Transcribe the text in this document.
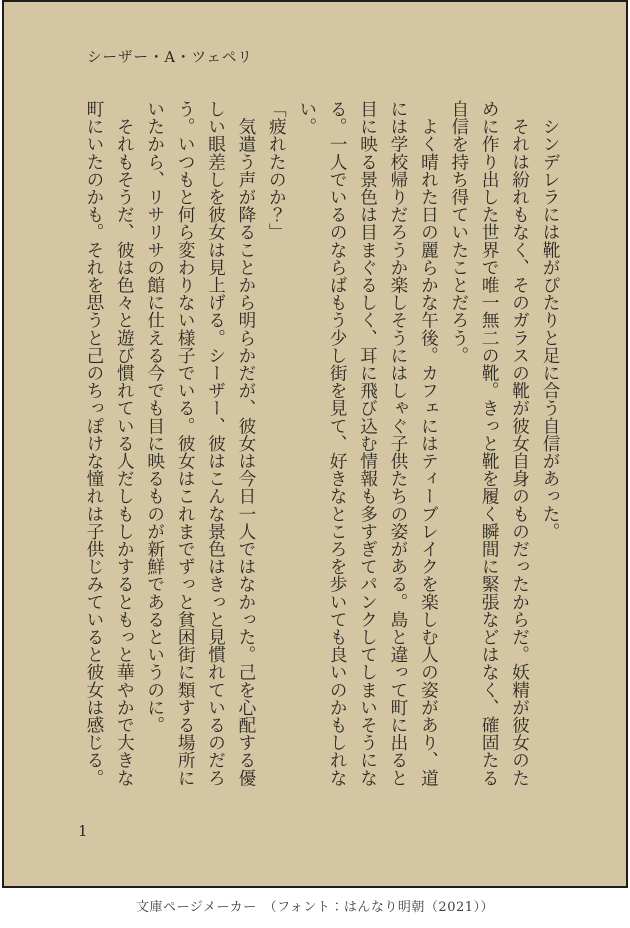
シーザー・A・ツェペリ

　シンデレラには靴がぴたりと足に合う自信があった。

　それは紛れもなく、そのガラスの靴が彼女自身のものだったからだ。妖精が彼女のために作り出した世界で唯一無二の靴。きっと靴を履く瞬間に緊張などはなく、確固たる自信を持ち得ていたことだろう。

　よく晴れた日の麗らかな午後。カフェにはティーブレイクを楽しむ人の姿があり、道には学校帰りだろうか楽しそうにはしゃぐ子供たちの姿がある。島と違って町に出ると目に映る景色は目まぐるしく、耳に飛び込む情報も多すぎてパンクしてしまいそうになる。一人でいるのならばもう少し街を見て、好きなところを歩いても良いのかもしれない。

「疲れたのか？」

　気遣う声が降ることから明らかだが、彼女は今日一人ではなかった。己を心配する優しい眼差しを彼女は見上げる。シーザー、彼はこんな景色はきっと見慣れているのだろう。いつもと何ら変わりない様子でいる。彼女はこれまでずっと貧困街に類する場所にいたから、リサリサの館に仕える今でも目に映るものが新鮮であるというのに。

　それもそうだ、彼は色々と遊び慣れている人だしもしかするともっと華やかで大きな町にいたのかも。それを思うと己のちっぽけな憧れは子供じみていると彼女は感じる。

1
文庫ページメーカー　（フォント：はんなり明朝（2021））
